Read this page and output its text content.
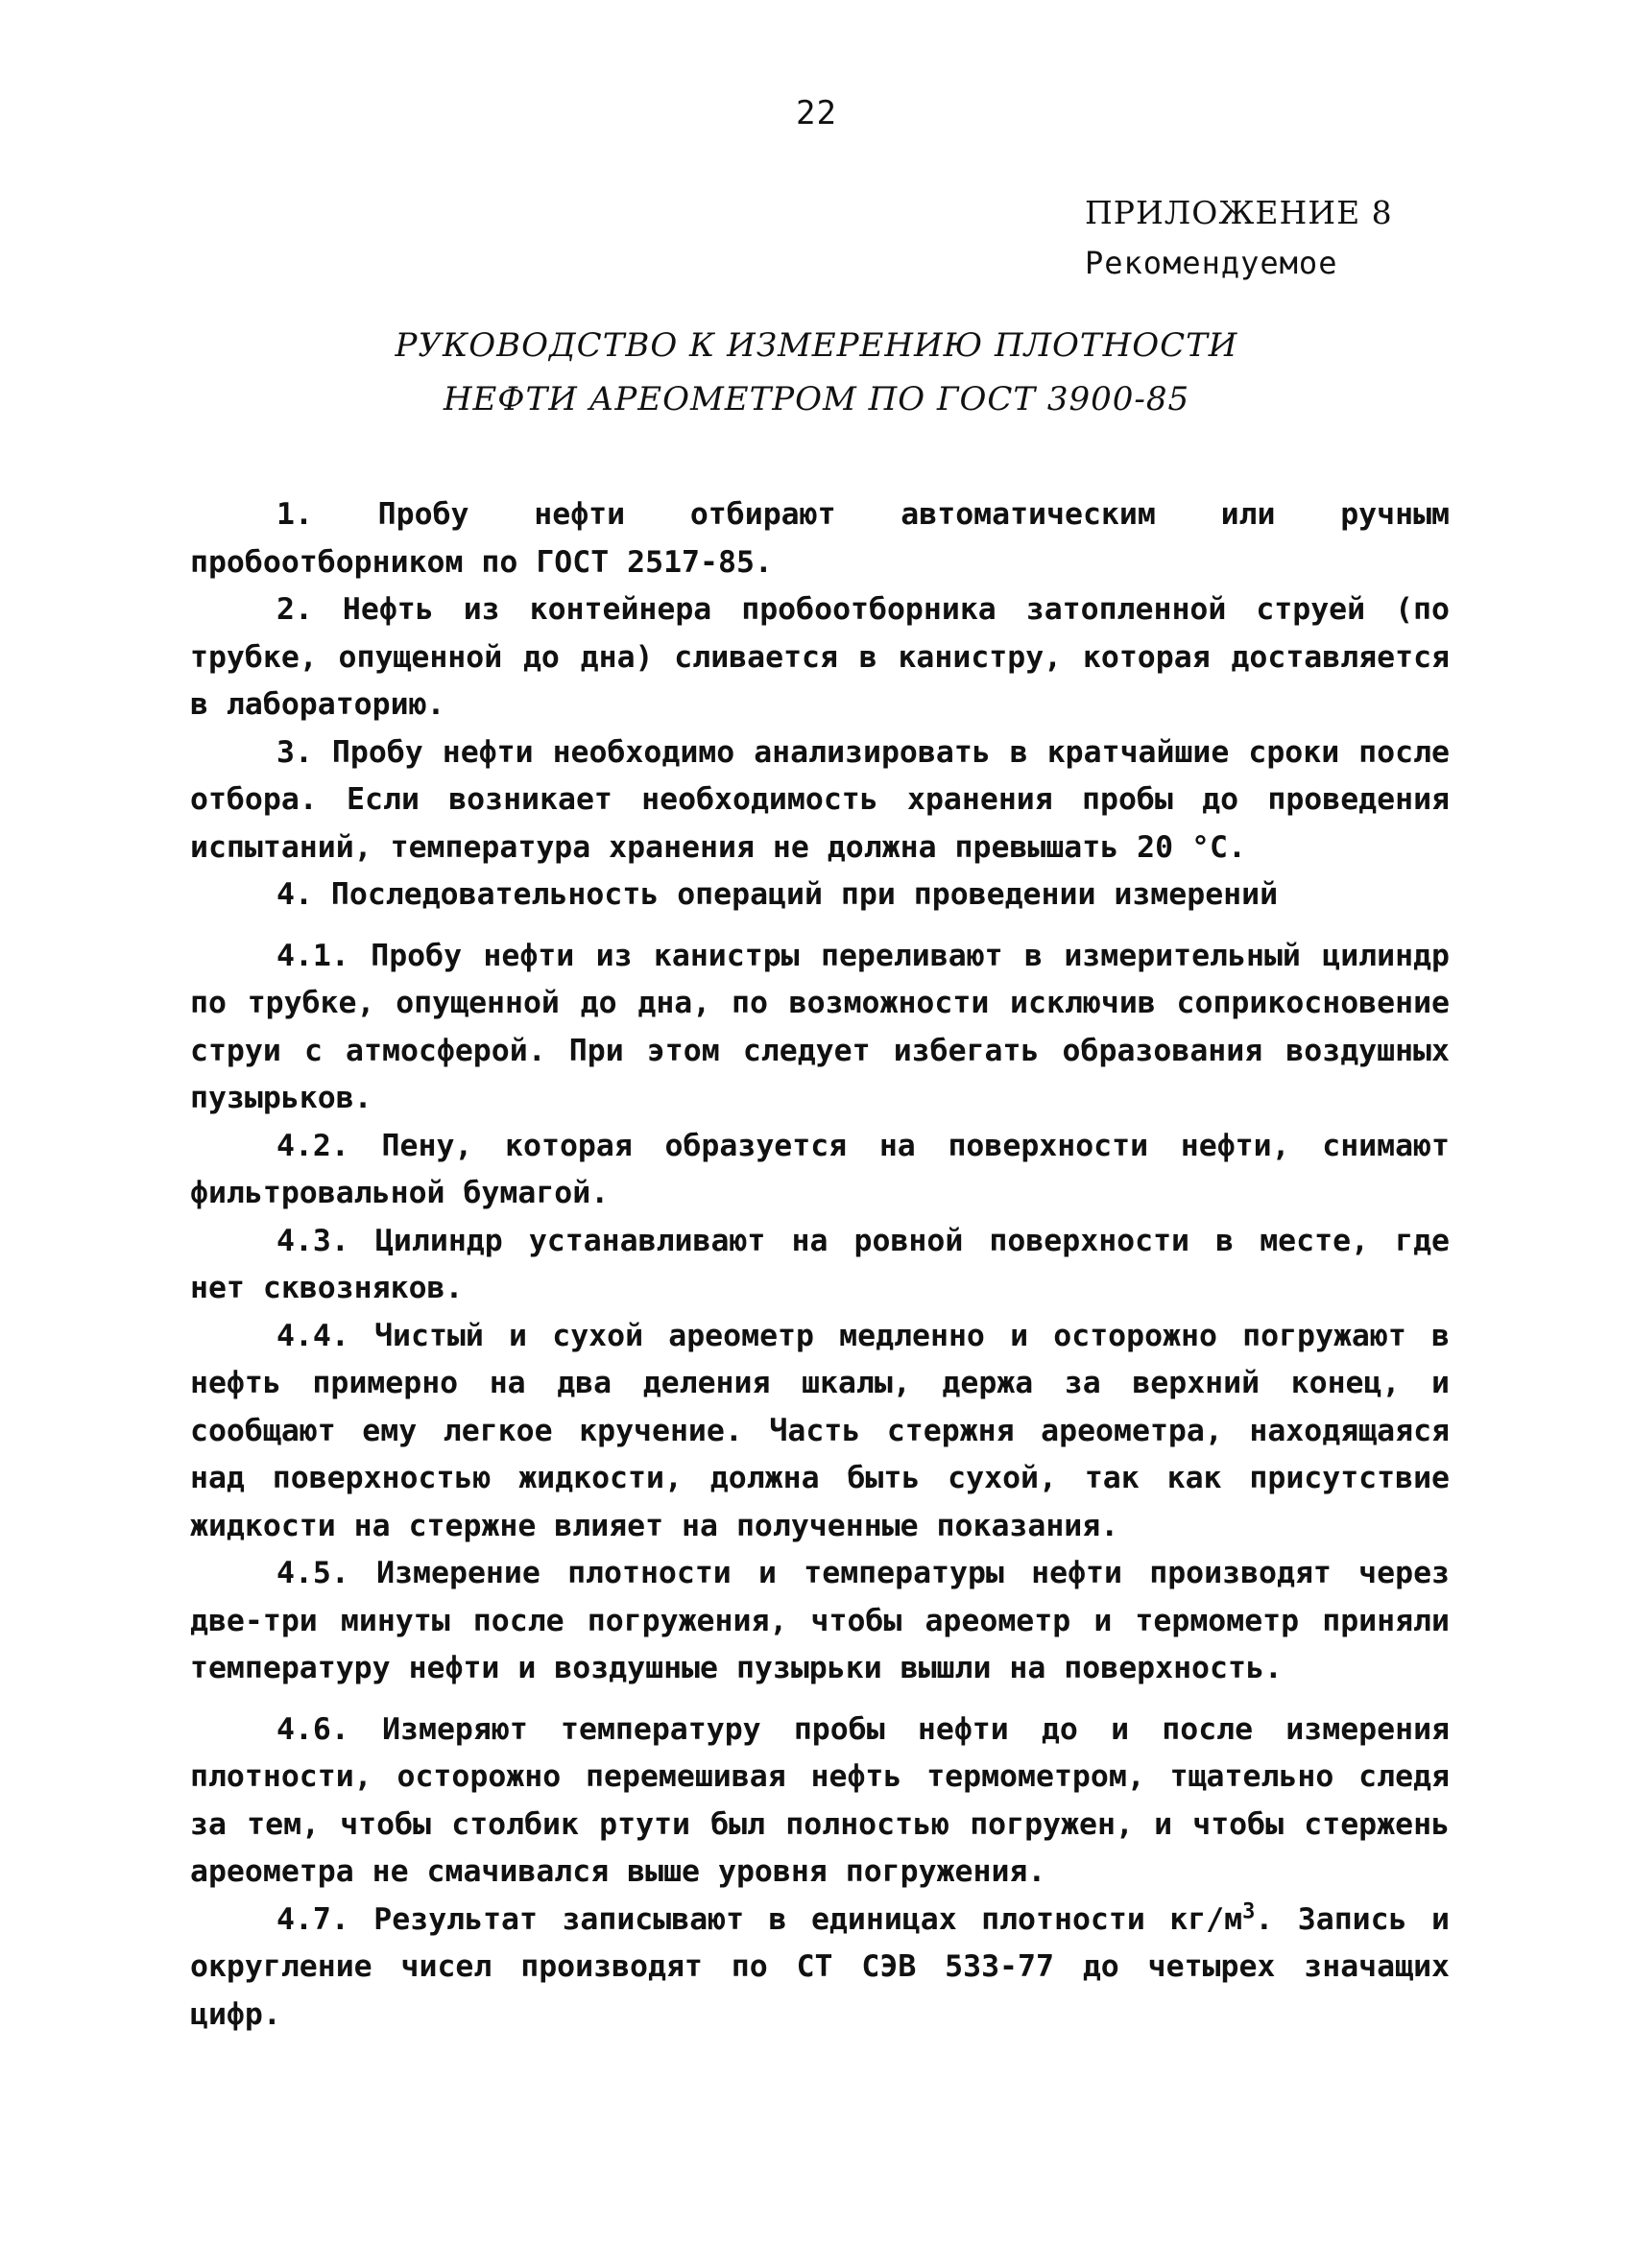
22
ПРИЛОЖЕНИЕ 8
Рекомендуемое
РУКОВОДСТВО К ИЗМЕРЕНИЮ ПЛОТНОСТИ
НЕФТИ АРЕОМЕТРОМ ПО ГОСТ 3900-85

1. Пробу нефти отбирают автоматическим или ручным пробоотборником по ГОСТ 2517-85.

2. Нефть из контейнера пробоотборника затопленной струей (по трубке, опущенной до дна) сливается в канистру, которая доставляется в лабораторию.

3. Пробу нефти необходимо анализировать в кратчайшие сроки после отбора. Если возникает необходимость хранения пробы до проведения испытаний, температура хранения не должна превышать 20 °С.

4. Последовательность операций при проведении измерений

4.1. Пробу нефти из канистры переливают в измерительный цилиндр по трубке, опущенной до дна, по возможности исключив соприкосновение струи с атмосферой. При этом следует избегать образования воздушных пузырьков.

4.2. Пену, которая образуется на поверхности нефти, снимают фильтровальной бумагой.

4.3. Цилиндр устанавливают на ровной поверхности в месте, где нет сквозняков.

4.4. Чистый и сухой ареометр медленно и осторожно погружают в нефть примерно на два деления шкалы, держа за верхний конец, и сообщают ему легкое кручение. Часть стержня ареометра, находящаяся над поверхностью жидкости, должна быть сухой, так как присутствие жидкости на стержне влияет на полученные показания.

4.5. Измерение плотности и температуры нефти производят через две-три минуты после погружения, чтобы ареометр и термометр приняли температуру нефти и воздушные пузырьки вышли на поверхность.

4.6. Измеряют температуру пробы нефти до и после измерения плотности, осторожно перемешивая нефть термометром, тщательно следя за тем, чтобы столбик ртути был полностью погружен, и чтобы стержень ареометра не смачивался выше уровня погружения.

4.7. Результат записывают в единицах плотности $кг/м^3$. Запись и округление чисел производят по СТ СЭВ 533-77 до четырех значащих цифр.
